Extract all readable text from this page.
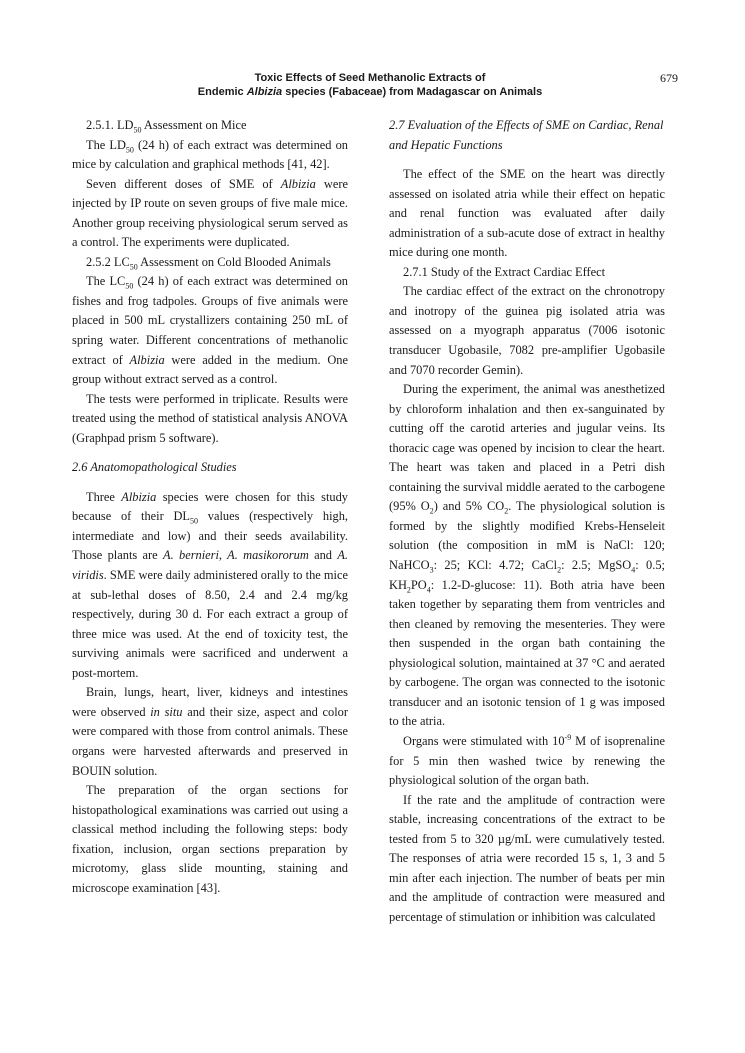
Toxic Effects of Seed Methanolic Extracts of
Endemic Albizia species (Fabaceae) from Madagascar on Animals
679

2.5.1. $LD_{50}$ Assessment on Mice

The $LD_{50}$ (24 h) of each extract was determined on mice by calculation and graphical methods [41, 42].

Seven different doses of SME of Albizia were injected by IP route on seven groups of five male mice. Another group receiving physiological serum served as a control. The experiments were duplicated.

2.5.2 $LC_{50}$ Assessment on Cold Blooded Animals

The $LC_{50}$ (24 h) of each extract was determined on fishes and frog tadpoles. Groups of five animals were placed in 500 mL crystallizers containing 250 mL of spring water. Different concentrations of methanolic extract of Albizia were added in the medium. One group without extract served as a control.

The tests were performed in triplicate. Results were treated using the method of statistical analysis ANOVA (Graphpad prism 5 software).

2.6 Anatomopathological Studies

Three Albizia species were chosen for this study because of their $DL_{50}$ values (respectively high, intermediate and low) and their seeds availability. Those plants are A. bernieri, A. masikororum and A. viridis. SME were daily administered orally to the mice at sub-lethal doses of 8.50, 2.4 and 2.4 mg/kg respectively, during 30 d. For each extract a group of three mice was used. At the end of toxicity test, the surviving animals were sacrificed and underwent a post-mortem.

Brain, lungs, heart, liver, kidneys and intestines were observed in situ and their size, aspect and color were compared with those from control animals. These organs were harvested afterwards and preserved in BOUIN solution.

The preparation of the organ sections for histopathological examinations was carried out using a classical method including the following steps: body fixation, inclusion, organ sections preparation by microtomy, glass slide mounting, staining and microscope examination [43].

2.7 Evaluation of the Effects of SME on Cardiac, Renal and Hepatic Functions

The effect of the SME on the heart was directly assessed on isolated atria while their effect on hepatic and renal function was evaluated after daily administration of a sub-acute dose of extract in healthy mice during one month.

2.7.1 Study of the Extract Cardiac Effect

The cardiac effect of the extract on the chronotropy and inotropy of the guinea pig isolated atria was assessed on a myograph apparatus (7006 isotonic transducer Ugobasile, 7082 pre-amplifier Ugobasile and 7070 recorder Gemin).

During the experiment, the animal was anesthetized by chloroform inhalation and then ex-sanguinated by cutting off the carotid arteries and jugular veins. Its thoracic cage was opened by incision to clear the heart. The heart was taken and placed in a Petri dish containing the survival middle aerated to the carbogene (95% $O_2$) and 5% $CO_2$. The physiological solution is formed by the slightly modified Krebs-Henseleit solution (the composition in mM is NaCl: 120; NaHCO$_3$: 25; KCl: 4.72; CaCl$_2$: 2.5; MgSO$_4$: 0.5; $KH_2PO_4$: 1.2-D-glucose: 11). Both atria have been taken together by separating them from ventricles and then cleaned by removing the mesenteries. They were then suspended in the organ bath containing the physiological solution, maintained at 37 °C and aerated by carbogene. The organ was connected to the isotonic transducer and an isotonic tension of 1 g was imposed to the atria.

Organs were stimulated with $10^{-9}$ M of isoprenaline for 5 min then washed twice by renewing the physiological solution of the organ bath.

If the rate and the amplitude of contraction were stable, increasing concentrations of the extract to be tested from 5 to 320 µg/mL were cumulatively tested. The responses of atria were recorded 15 s, 1, 3 and 5 min after each injection. The number of beats per min and the amplitude of contraction were measured and percentage of stimulation or inhibition was calculated
